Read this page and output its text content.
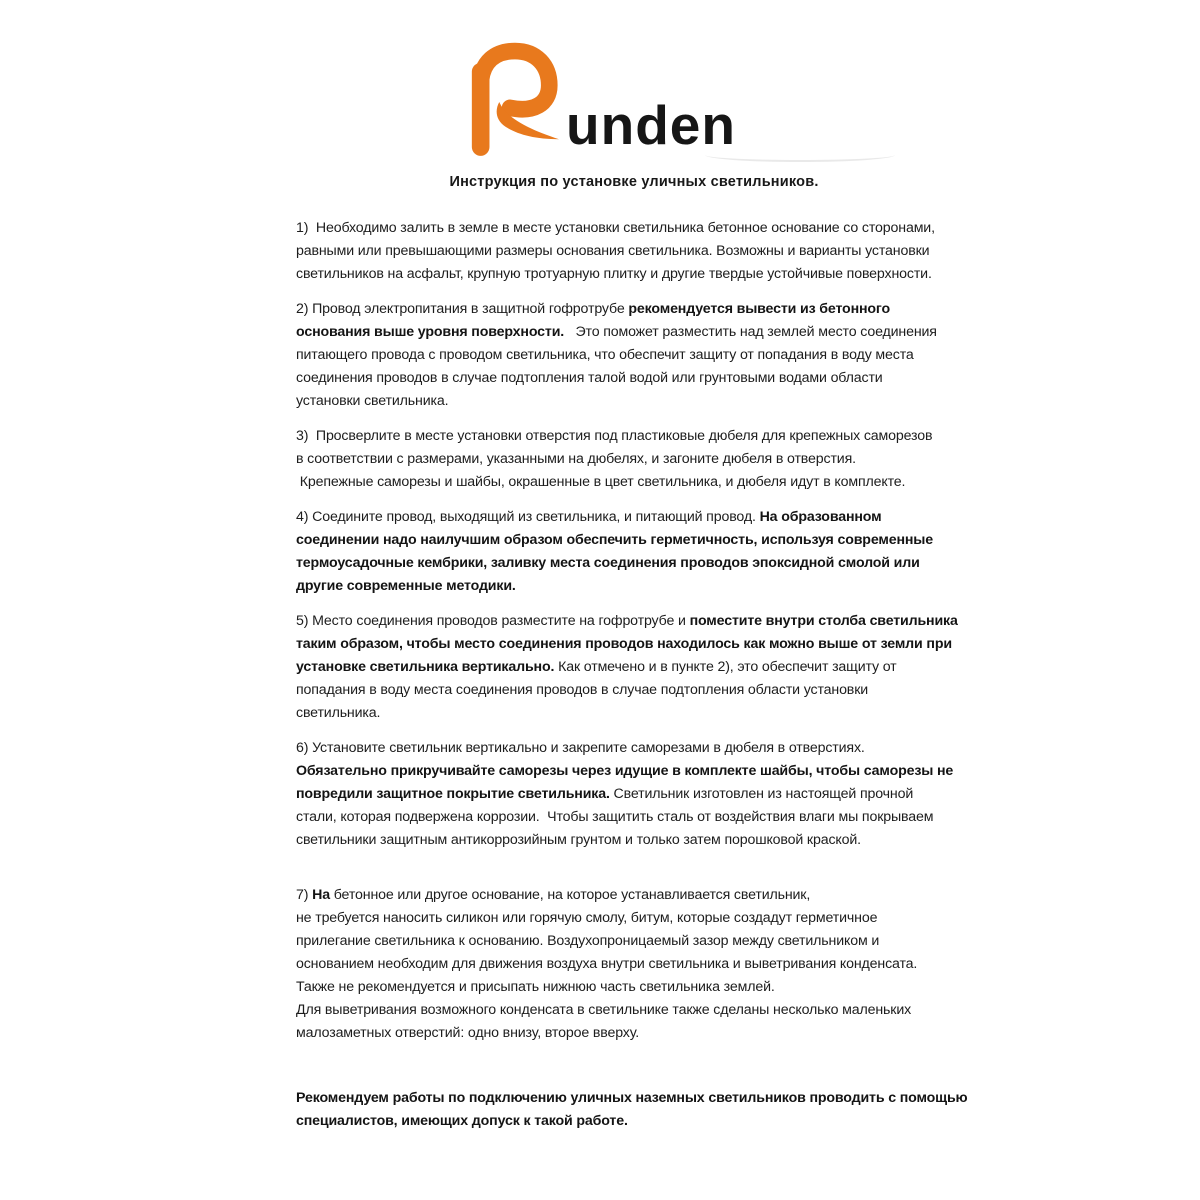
unden
Инструкция по установке уличных светильников.
1)  Необходимо залить в земле в месте установки светильника бетонное основание со сторонами,
равными или превышающими размеры основания светильника. Возможны и варианты установки
светильников на асфальт, крупную тротуарную плитку и другие твердые устойчивые поверхности.
2) Провод электропитания в защитной гофротрубе рекомендуется вывести из бетонного
основания выше уровня поверхности.   Это поможет разместить над землей место соединения
питающего провода с проводом светильника, что обеспечит защиту от попадания в воду места
соединения проводов в случае подтопления талой водой или грунтовыми водами области
установки светильника.
3)  Просверлите в месте установки отверстия под пластиковые дюбеля для крепежных саморезов
в соответствии с размерами, указанными на дюбелях, и загоните дюбеля в отверстия.
Крепежные саморезы и шайбы, окрашенные в цвет светильника, и дюбеля идут в комплекте.
4) Соедините провод, выходящий из светильника, и питающий провод. На образованном
соединении надо наилучшим образом обеспечить герметичность, используя современные
термоусадочные кембрики, заливку места соединения проводов эпоксидной смолой или
другие современные методики.
5) Место соединения проводов разместите на гофротрубе и поместите внутри столба светильника
таким образом, чтобы место соединения проводов находилось как можно выше от земли при
установке светильника вертикально. Как отмечено и в пункте 2), это обеспечит защиту от
попадания в воду места соединения проводов в случае подтопления области установки
светильника.
6) Установите светильник вертикально и закрепите саморезами в дюбеля в отверстиях.
Обязательно прикручивайте саморезы через идущие в комплекте шайбы, чтобы саморезы не
повредили защитное покрытие светильника. Светильник изготовлен из настоящей прочной
стали, которая подвержена коррозии.  Чтобы защитить сталь от воздействия влаги мы покрываем
светильники защитным антикоррозийным грунтом и только затем порошковой краской.
7) На бетонное или другое основание, на которое устанавливается светильник,
не требуется наносить силикон или горячую смолу, битум, которые создадут герметичное
прилегание светильника к основанию. Воздухопроницаемый зазор между светильником и
основанием необходим для движения воздуха внутри светильника и выветривания конденсата.
Также не рекомендуется и присыпать нижнюю часть светильника землей.
Для выветривания возможного конденсата в светильнике также сделаны несколько маленьких
малозаметных отверстий: одно внизу, второе вверху.
Рекомендуем работы по подключению уличных наземных светильников проводить с помощью
специалистов, имеющих допуск к такой работе.
